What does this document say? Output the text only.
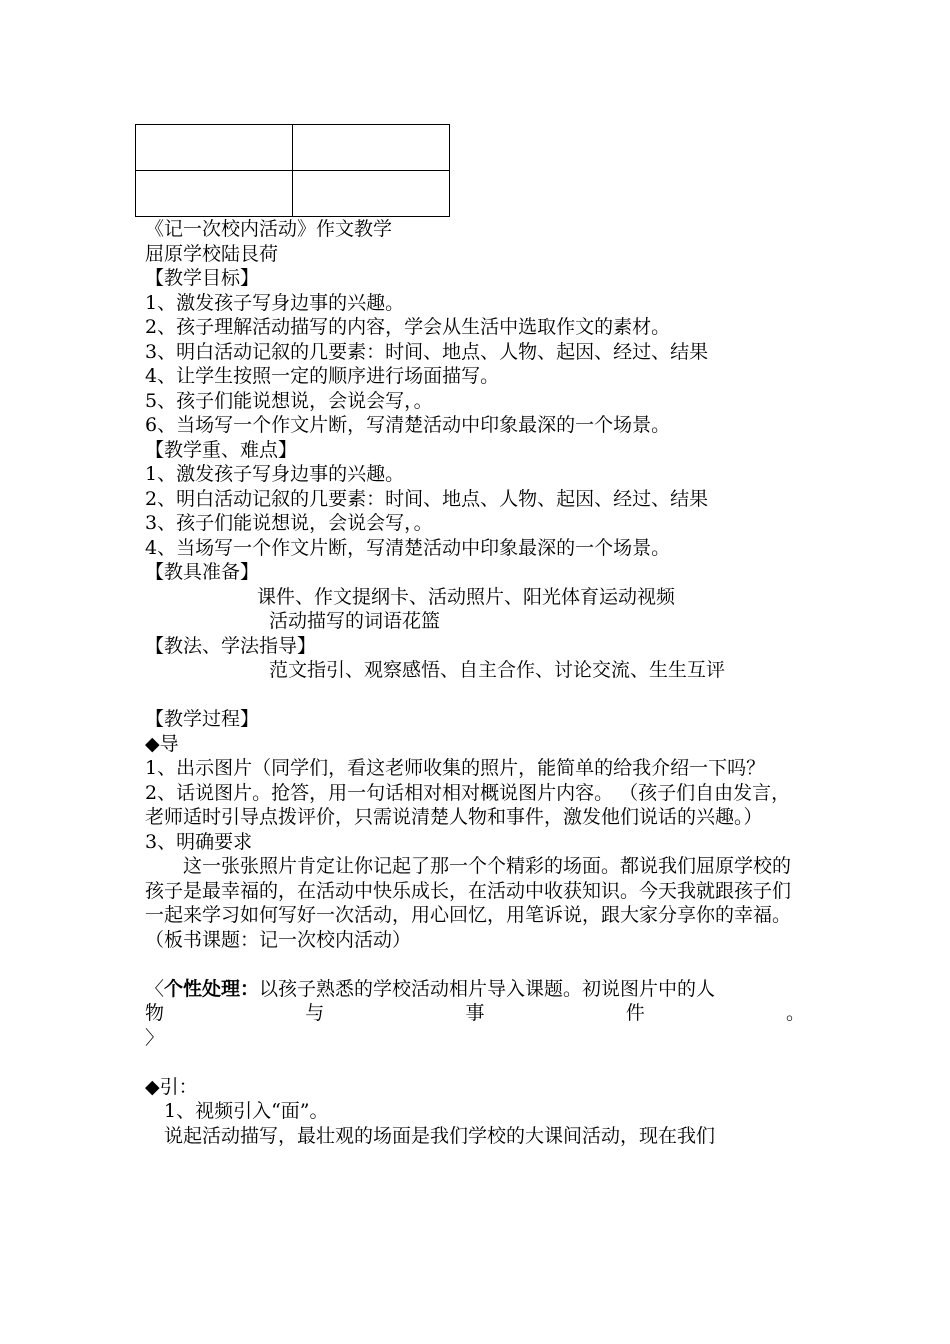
《记一次校内活动》作文教学
屈原学校陆艮荷
【教学目标】
1、激发孩子写身边事的兴趣。
2、孩子理解活动描写的内容，学会从生活中选取作文的素材。
3、明白活动记叙的几要素：时间、地点、人物、起因、经过、结果
4、让学生按照一定的顺序进行场面描写。
5、孩子们能说想说，会说会写，。
6、当场写一个作文片断，写清楚活动中印象最深的一个场景。
【教学重、难点】
1、激发孩子写身边事的兴趣。
2、明白活动记叙的几要素：时间、地点、人物、起因、经过、结果
3、孩子们能说想说，会说会写，。
4、当场写一个作文片断，写清楚活动中印象最深的一个场景。
【教具准备】
课件、作文提纲卡、活动照片、阳光体育运动视频
活动描写的词语花篮
【教法、学法指导】
范文指引、观察感悟、自主合作、讨论交流、生生互评
【教学过程】
◆导
1、出示图片（同学们，看这老师收集的照片，能简单的给我介绍一下吗？
2、话说图片。抢答，用一句话相对相对概说图片内容。 （孩子们自由发言，老师适时引导点拨评价，只需说清楚人物和事件，激发他们说话的兴趣。）
3、明确要求
这一张张照片肯定让你记起了那一个个精彩的场面。都说我们屈原学校的孩子是最幸福的，在活动中快乐成长，在活动中收获知识。今天我就跟孩子们一起来学习如何写好一次活动，用心回忆，用笔诉说，跟大家分享你的幸福。（板书课题：记一次校内活动）
〈个性处理：以孩子熟悉的学校活动相片导入课题。初说图片中的人
物	与	事	件	。
〉
◆引：
1、视频引入“面”。
说起活动描写，最壮观的场面是我们学校的大课间活动，现在我们
